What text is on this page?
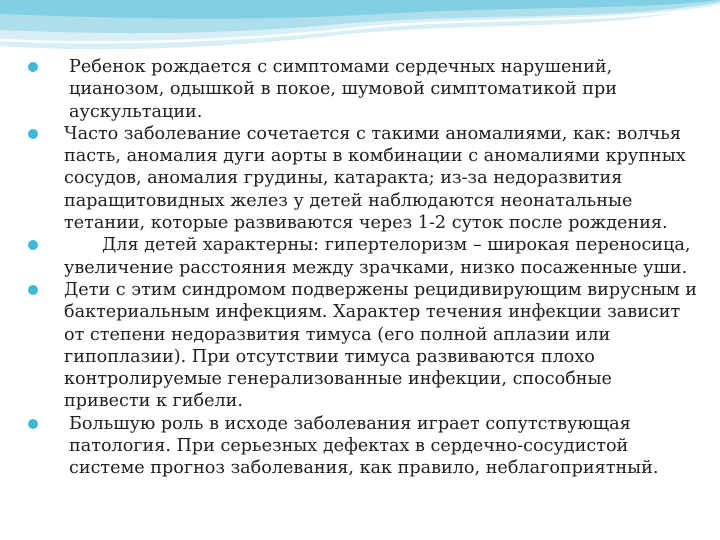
Ребенок рождается с симптомами сердечных нарушений, цианозом, одышкой в покое, шумовой симптоматикой при аускультации.
Часто заболевание сочетается с такими аномалиями, как: волчья пасть, аномалия дуги аорты в комбинации с аномалиями крупных сосудов, аномалия грудины, катаракта; из-за недоразвития паращитовидных желез у детей наблюдаются неонатальные тетании, которые развиваются через 1-2 суток после рождения.
Для детей характерны: гипертелоризм – широкая переносица, увеличение расстояния между зрачками, низко посаженные уши.
Дети с этим синдромом подвержены рецидивирующим вирусным и бактериальным инфекциям. Характер течения инфекции зависит от степени недоразвития тимуса (его полной аплазии или гипоплазии). При отсутствии тимуса развиваются плохо контролируемые генерализованные инфекции, способные привести к гибели.
Большую роль в исходе заболевания играет сопутствующая патология. При серьезных дефектах в сердечно-сосудистой системе прогноз заболевания, как правило, неблагоприятный.
